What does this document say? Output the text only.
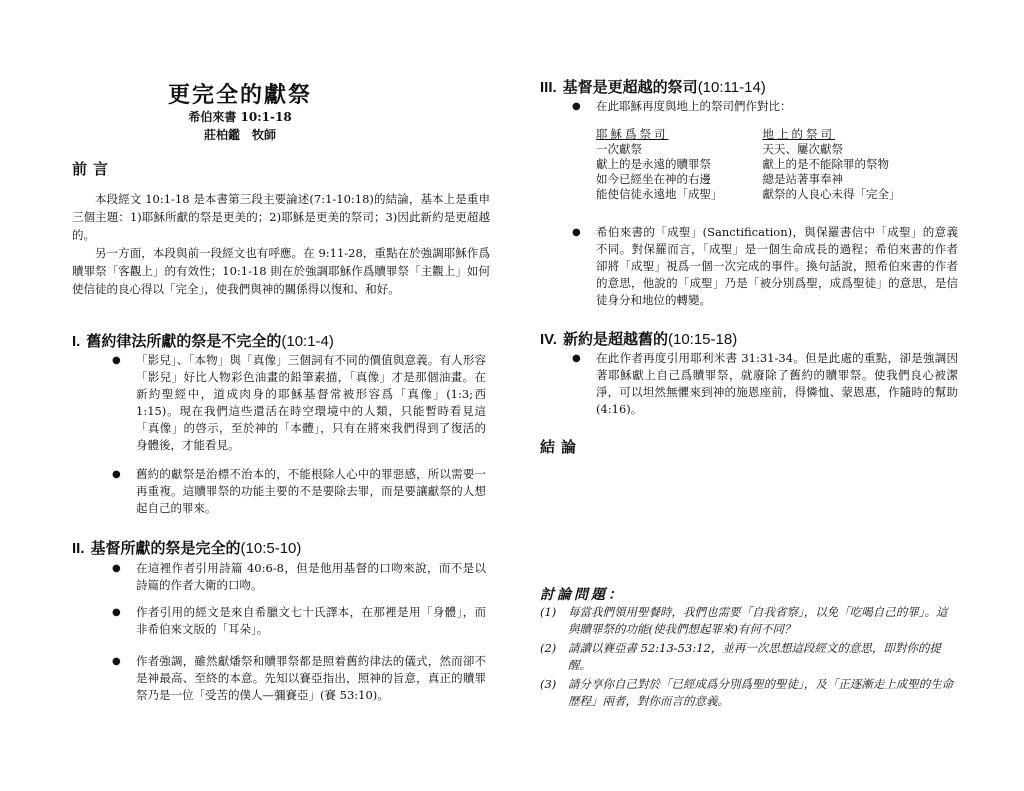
更完全的獻祭
希伯來書 10:1-18
莊柏鑑　牧師
前言

本段經文 10:1-18 是本書第三段主要論述(7:1-10:18)的結論，基本上是重申三個主題：1)耶穌所獻的祭是更美的；2)耶穌是更美的祭司；3)因此新約是更超越的。

另一方面，本段與前一段經文也有呼應。在 9:11-28，重點在於強調耶穌作爲贖罪祭「客觀上」的有效性；10:1-18 則在於強調耶穌作爲贖罪祭「主觀上」如何使信徒的良心得以「完全」，使我們與神的關係得以復和、和好。

I. 舊約律法所獻的祭是不完全的(10:1-4)
● 「影兒」、「本物」與「真像」三個詞有不同的價值與意義。有人形容「影兒」好比人物彩色油畫的鉛筆素描，「真像」才是那個油畫。在新約聖經中，道成肉身的耶穌基督常被形容爲「真像」(1:3;西 1:15)。現在我們這些還活在時空環境中的人類，只能暫時看見這「真像」的啓示，至於神的「本體」，只有在將來我們得到了復活的身體後，才能看見。
● 舊約的獻祭是治標不治本的，不能根除人心中的罪惡感，所以需要一再重複。這贖罪祭的功能主要的不是要除去罪，而是要讓獻祭的人想起自己的罪來。
II. 基督所獻的祭是完全的(10:5-10)
● 在這裡作者引用詩篇 40:6-8，但是他用基督的口吻來說，而不是以詩篇的作者大衛的口吻。
● 作者引用的經文是來自希臘文七十氏譯本，在那裡是用「身體」，而非希伯來文版的「耳朵」。
● 作者強調，雖然獻燔祭和贖罪祭都是照着舊約律法的儀式，然而卻不是神最高、至終的本意。先知以賽亞指出，照神的旨意，真正的贖罪祭乃是一位「受苦的僕人—彌賽亞」(賽 53:10)。
III. 基督是更超越的祭司(10:11-14)
● 在此耶穌再度與地上的祭司們作對比：
耶穌爲祭司	地上的祭司
一次獻祭	天天、屢次獻祭
獻上的是永遠的贖罪祭	獻上的是不能除罪的祭物
如今已經坐在神的右邊	總是站著事奉神
能使信徒永遠地「成聖」	獻祭的人良心未得「完全」
● 希伯來書的「成聖」(Sanctification)，與保羅書信中「成聖」的意義不同。對保羅而言，「成聖」是一個生命成長的過程；希伯來書的作者卻將「成聖」視爲一個一次完成的事件。換句話說，照希伯來書的作者的意思，他說的「成聖」乃是「被分別爲聖，成爲聖徒」的意思，是信徒身分和地位的轉變。
IV. 新約是超越舊的(10:15-18)
● 在此作者再度引用耶利米書 31:31-34。但是此處的重點，卻是強調因著耶穌獻上自己爲贖罪祭，就廢除了舊約的贖罪祭。使我們良心被潔淨，可以坦然無懼來到神的施恩座前，得憐恤、蒙恩惠，作隨時的幫助(4:16)。
結論
討論問題：
(1) 每當我們領用聖餐時，我們也需要「自我省察」，以免「吃喝自己的罪」。這與贖罪祭的功能(使我們想起罪來)有何不同？
(2) 請讀以賽亞書 52:13-53:12，並再一次思想這段經文的意思，即對你的提醒。
(3) 請分享你自己對於「已經成爲分別爲聖的聖徒」，及「正逐漸走上成聖的生命歷程」兩者，對你而言的意義。
